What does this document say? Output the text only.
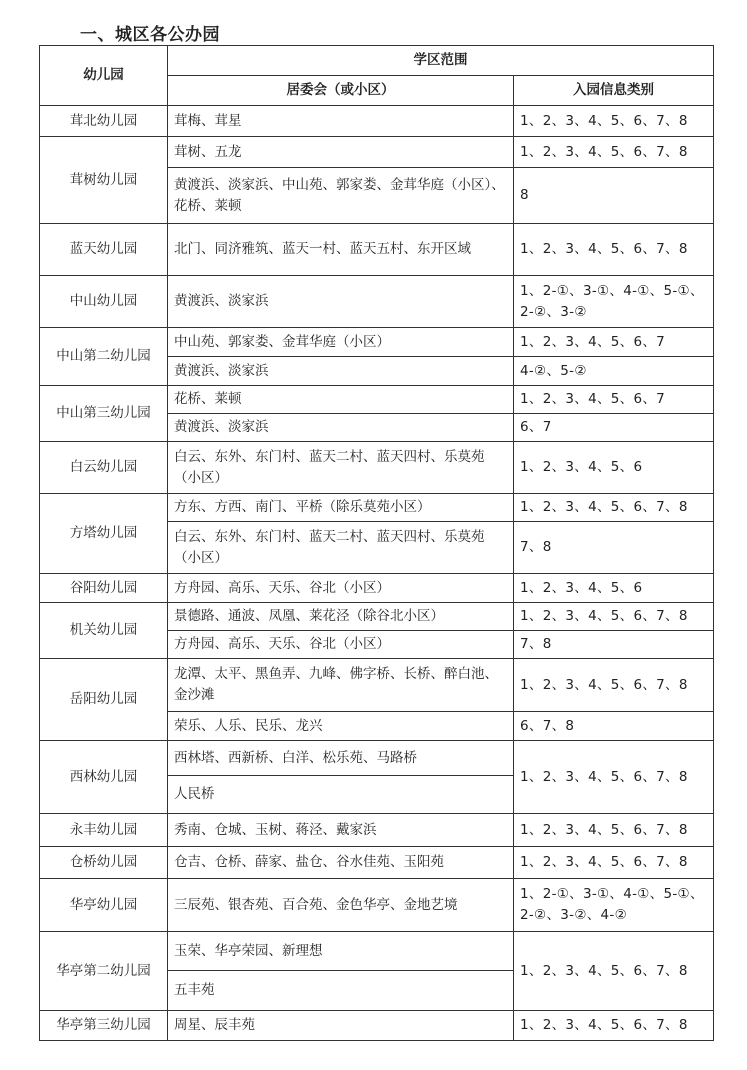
一、城区各公办园
幼儿园	学区范围	
	居委会（或小区）	入园信息类别
茸北幼儿园	茸梅、茸星	1、2、3、4、5、6、7、8
茸树幼儿园	茸树、五龙	1、2、3、4、5、6、7、8
	黄渡浜、淡家浜、中山苑、郭家娄、金茸华庭（小区）、花桥、莱顿	8
蓝天幼儿园	北门、同济雅筑、蓝天一村、蓝天五村、东开区域	1、2、3、4、5、6、7、8
中山幼儿园	黄渡浜、淡家浜	1、2-①、3-①、4-①、5-①、2-②、3-②
中山第二幼儿园	中山苑、郭家娄、金茸华庭（小区）	1、2、3、4、5、6、7
	黄渡浜、淡家浜	4-②、5-②
中山第三幼儿园	花桥、莱顿	1、2、3、4、5、6、7
	黄渡浜、淡家浜	6、7
白云幼儿园	白云、东外、东门村、蓝天二村、蓝天四村、乐莫苑（小区）	1、2、3、4、5、6
方塔幼儿园	方东、方西、南门、平桥（除乐莫苑小区）	1、2、3、4、5、6、7、8
	白云、东外、东门村、蓝天二村、蓝天四村、乐莫苑（小区）	7、8
谷阳幼儿园	方舟园、高乐、天乐、谷北（小区）	1、2、3、4、5、6
机关幼儿园	景德路、通波、凤凰、莱花泾（除谷北小区）	1、2、3、4、5、6、7、8
	方舟园、高乐、天乐、谷北（小区）	7、8
岳阳幼儿园	龙潭、太平、黑鱼弄、九峰、佛字桥、长桥、醉白池、金沙滩	1、2、3、4、5、6、7、8
	荣乐、人乐、民乐、龙兴	6、7、8
西林幼儿园	西林塔、西新桥、白洋、松乐苑、马路桥	1、2、3、4、5、6、7、8
	人民桥	
永丰幼儿园	秀南、仓城、玉树、蒋泾、戴家浜	1、2、3、4、5、6、7、8
仓桥幼儿园	仓吉、仓桥、薛家、盐仓、谷水佳苑、玉阳苑	1、2、3、4、5、6、7、8
华亭幼儿园	三辰苑、银杏苑、百合苑、金色华亭、金地艺境	1、2-①、3-①、4-①、5-①、2-②、3-②、4-②
华亭第二幼儿园	玉荣、华亭荣园、新理想	1、2、3、4、5、6、7、8
	五丰苑	
华亭第三幼儿园	周星、辰丰苑	1、2、3、4、5、6、7、8
